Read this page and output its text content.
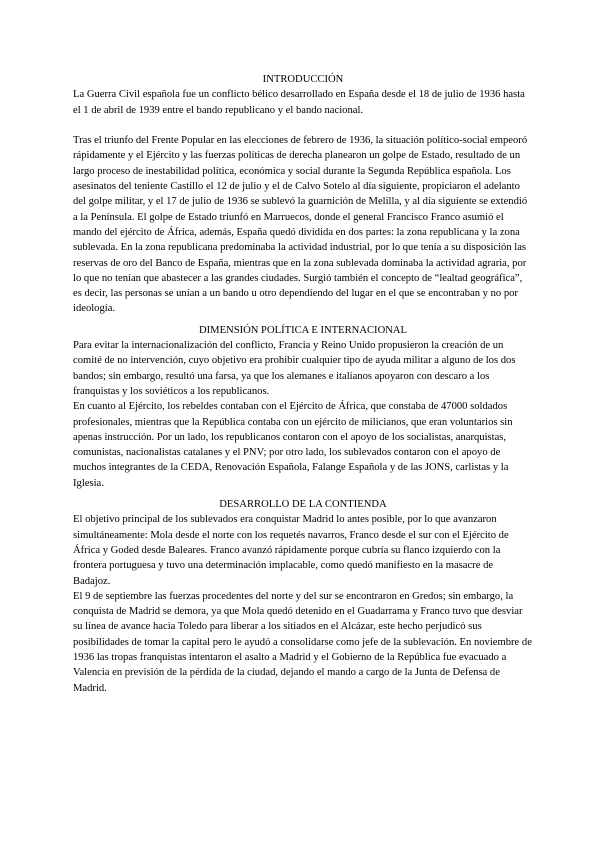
INTRODUCCIÓN

La Guerra Civil española fue un conflicto bélico desarrollado en España desde el 18 de julio de 1936 hasta el 1 de abril de 1939 entre el bando republicano y el bando nacional.

Tras el triunfo del Frente Popular en las elecciones de febrero de 1936, la situación político-social empeoró rápidamente y el Ejército y las fuerzas políticas de derecha planearon un golpe de Estado, resultado de un largo proceso de inestabilidad política, económica y social durante la Segunda República española. Los asesinatos del teniente Castillo el 12 de julio y el de Calvo Sotelo al día siguiente, propiciaron el adelanto del golpe militar, y el 17 de julio de 1936 se sublevó la guarnición de Melilla, y al día siguiente se extendió a la Península. El golpe de Estado triunfó en Marruecos, donde el general Francisco Franco asumió el mando del ejército de África, además, España quedó dividida en dos partes: la zona republicana y la zona sublevada. En la zona republicana predominaba la actividad industrial, por lo que tenía a su disposición las reservas de oro del Banco de España, mientras que en la zona sublevada dominaba la actividad agraria, por lo que no tenían que abastecer a las grandes ciudades. Surgió también el concepto de “lealtad geográfica”, es decir, las personas se unían a un bando u otro dependiendo del lugar en el que se encontraban y no por ideología.

DIMENSIÓN POLÍTICA E INTERNACIONAL

Para evitar la internacionalización del conflicto, Francia y Reino Unido propusieron la creación de un comité de no intervención, cuyo objetivo era prohibir cualquier tipo de ayuda militar a alguno de los dos bandos; sin embargo, resultó una farsa, ya que los alemanes e italianos apoyaron con descaro a los franquistas y los soviéticos a los republicanos.

En cuanto al Ejército, los rebeldes contaban con el Ejército de África, que constaba de 47000 soldados profesionales, mientras que la República contaba con un ejército de milicianos, que eran voluntarios sin apenas instrucción. Por un lado, los republicanos contaron con el apoyo de los socialistas, anarquistas, comunistas, nacionalistas catalanes y el PNV; por otro lado, los sublevados contaron con el apoyo de muchos integrantes de la CEDA, Renovación Española, Falange Española y de las JONS, carlistas y la Iglesia.

DESARROLLO DE LA CONTIENDA

El objetivo principal de los sublevados era conquistar Madrid lo antes posible, por lo que avanzaron simultáneamente: Mola desde el norte con los requetés navarros, Franco desde el sur con el Ejército de África y Goded desde Baleares. Franco avanzó rápidamente porque cubría su flanco izquierdo con la frontera portuguesa y tuvo una determinación implacable, como quedó manifiesto en la masacre de Badajoz.

El 9 de septiembre las fuerzas procedentes del norte y del sur se encontraron en Gredos; sin embargo, la conquista de Madrid se demora, ya que Mola quedó detenido en el Guadarrama y Franco tuvo que desviar su línea de avance hacia Toledo para liberar a los sitiados en el Alcázar, este hecho perjudicó sus posibilidades de tomar la capital pero le ayudó a consolidarse como jefe de la sublevación. En noviembre de 1936 las tropas franquistas intentaron el asalto a Madrid y el Gobierno de la República fue evacuado a Valencia en previsión de la pérdida de la ciudad, dejando el mando a cargo de la Junta de Defensa de Madrid.
